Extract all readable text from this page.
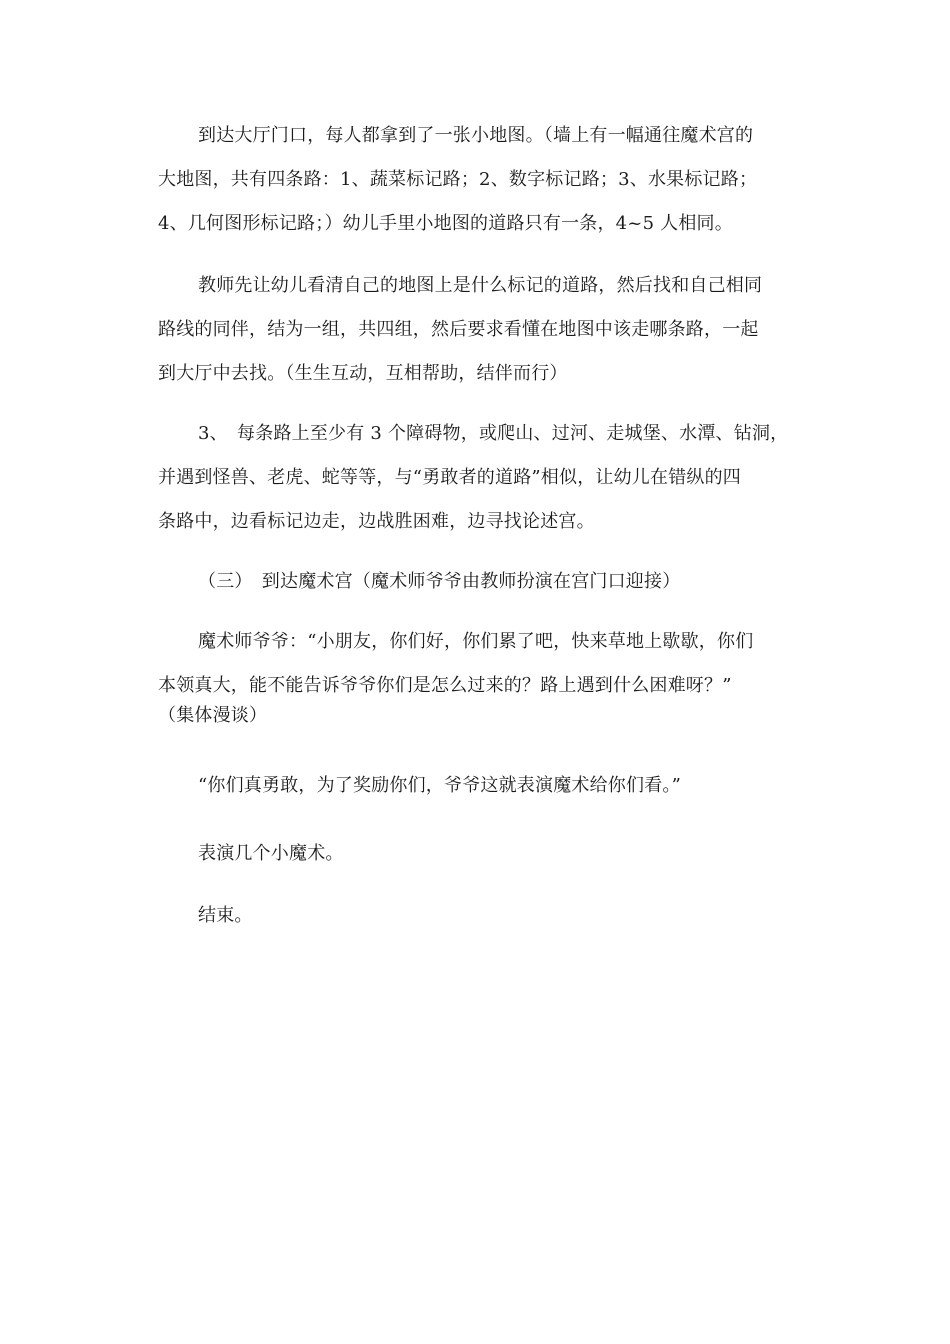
到达大厅门口，每人都拿到了一张小地图。（墙上有一幅通往魔术宫的
大地图，共有四条路：1、蔬菜标记路；2、数字标记路；3、水果标记路；
4、几何图形标记路；）幼儿手里小地图的道路只有一条，4~5 人相同。
教师先让幼儿看清自己的地图上是什么标记的道路，然后找和自己相同
路线的同伴，结为一组，共四组，然后要求看懂在地图中该走哪条路，一起
到大厅中去找。（生生互动，互相帮助，结伴而行）
3、　每条路上至少有 3 个障碍物，或爬山、过河、走城堡、水潭、钻洞，
并遇到怪兽、老虎、蛇等等，与“勇敢者的道路”相似，让幼儿在错纵的四
条路中，边看标记边走，边战胜困难，边寻找论述宫。
（三）　到达魔术宫（魔术师爷爷由教师扮演在宫门口迎接）
魔术师爷爷：“小朋友，你们好，你们累了吧，快来草地上歇歇，你们
本领真大，能不能告诉爷爷你们是怎么过来的？路上遇到什么困难呀？”
（集体漫谈）
“你们真勇敢，为了奖励你们，爷爷这就表演魔术给你们看。”
表演几个小魔术。
结束。
